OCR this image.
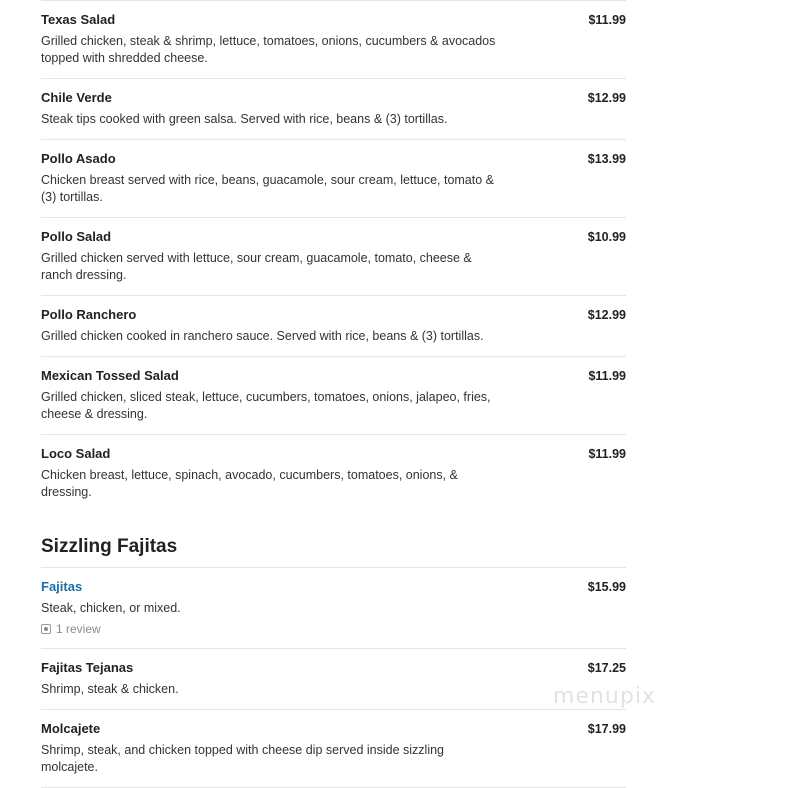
Texas Salad	$11.99
Grilled chicken, steak & shrimp, lettuce, tomatoes, onions, cucumbers & avocados topped with shredded cheese.
Chile Verde	$12.99
Steak tips cooked with green salsa. Served with rice, beans & (3) tortillas.
Pollo Asado	$13.99
Chicken breast served with rice, beans, guacamole, sour cream, lettuce, tomato & (3) tortillas.
Pollo Salad	$10.99
Grilled chicken served with lettuce, sour cream, guacamole, tomato, cheese & ranch dressing.
Pollo Ranchero	$12.99
Grilled chicken cooked in ranchero sauce. Served with rice, beans & (3) tortillas.
Mexican Tossed Salad	$11.99
Grilled chicken, sliced steak, lettuce, cucumbers, tomatoes, onions, jalapeo, fries, cheese & dressing.
Loco Salad	$11.99
Chicken breast, lettuce, spinach, avocado, cucumbers, tomatoes, onions, & dressing.
Sizzling Fajitas
Fajitas	$15.99
Steak, chicken, or mixed.
1 review
Fajitas Tejanas	$17.25
Shrimp, steak & chicken.
Molcajete	$17.99
Shrimp, steak, and chicken topped with cheese dip served inside sizzling molcajete.
menupix
